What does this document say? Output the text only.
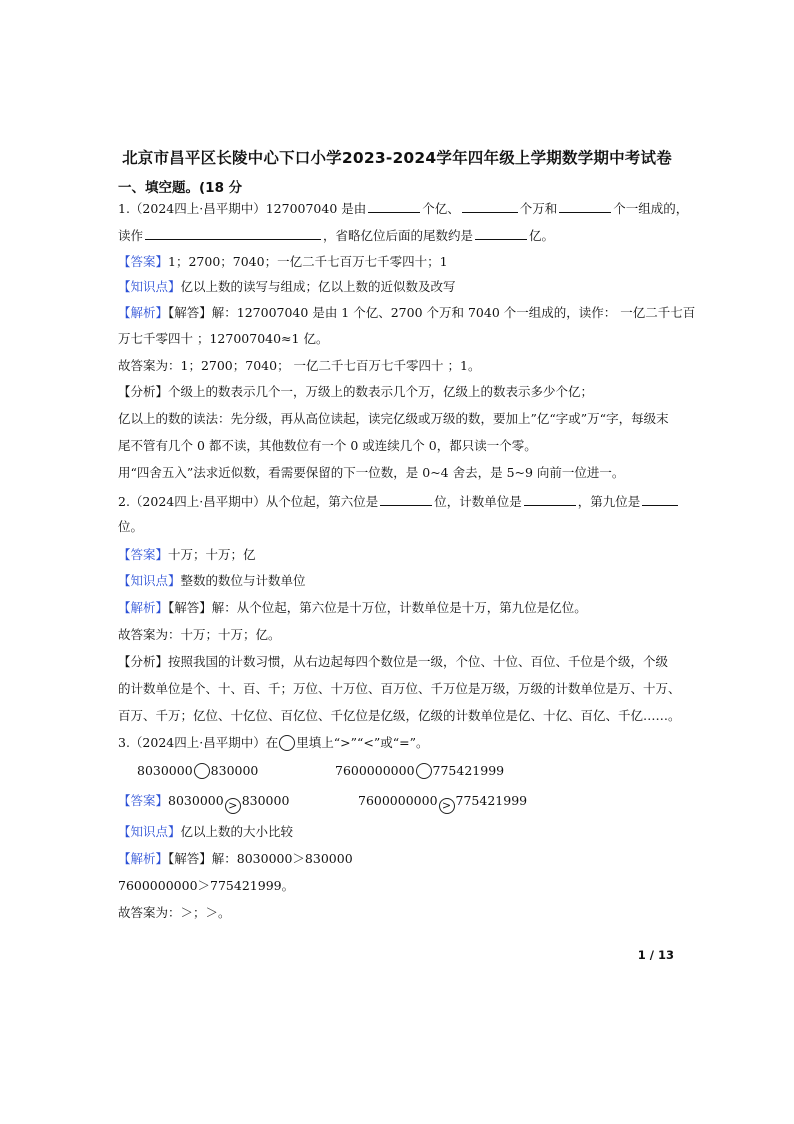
北京市昌平区长陵中心下口小学2023-2024学年四年级上学期数学期中考试卷
一、填空题。(18 分
1.（2024四上·昌平期中）127007040 是由	个亿、	个万和	个一组成的，
读作	，省略亿位后面的尾数约是	亿。
【答案】1；2700；7040；一亿二千七百万七千零四十；1
【知识点】亿以上数的读写与组成；亿以上数的近似数及改写
【解析】【解答】解：127007040 是由 1 个亿、2700 个万和 7040 个一组成的，读作： 一亿二千七百
万七千零四十 ；127007040≈1 亿。
故答案为：1；2700；7040； 一亿二千七百万七千零四十 ；1。
【分析】个级上的数表示几个一，万级上的数表示几个万，亿级上的数表示多少个亿；
亿以上的数的读法：先分级，再从高位读起，读完亿级或万级的数，要加上”亿“字或”万“字，每级末
尾不管有几个 0 都不读，其他数位有一个 0 或连续几个 0，都只读一个零。
用“四舍五入”法求近似数，看需要保留的下一位数，是 0~4 舍去，是 5~9 向前一位进一。
2.（2024四上·昌平期中）从个位起，第六位是	位，计数单位是	，第九位是
位。
【答案】十万；十万；亿
【知识点】整数的数位与计数单位
【解析】【解答】解：从个位起，第六位是十万位，计数单位是十万，第九位是亿位。
故答案为：十万；十万；亿。
【分析】按照我国的计数习惯，从右边起每四个数位是一级，个位、十位、百位、千位是个级，个级
的计数单位是个、十、百、千；万位、十万位、百万位、千万位是万级，万级的计数单位是万、十万、
百万、千万；亿位、十亿位、百亿位、千亿位是亿级，亿级的计数单位是亿、十亿、百亿、千亿……。
3.（2024四上·昌平期中）在 里填上“>”“<”或“=”。
8030000 830000	7600000000 775421999
【答案】8030000 > 830000	7600000000 > 775421999
【知识点】亿以上数的大小比较
【解析】【解答】解：8030000＞830000
7600000000＞775421999。
故答案为：＞；＞。
1 / 13
